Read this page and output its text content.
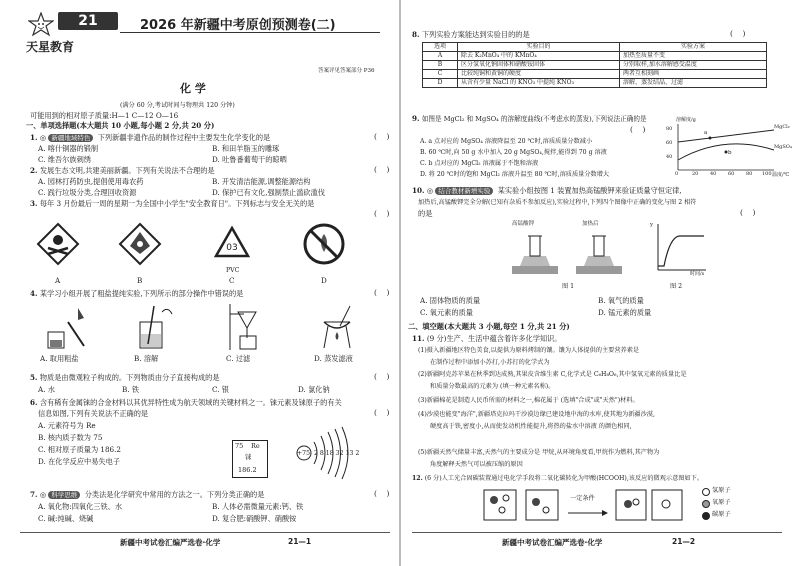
21
天星教育
2026 年新疆中考原创预测卷(二)
答案评见答案部分 P36
化 学
(满分 60 分,考试时间与物理共 120 分钟)
可能用到的相对原子质量:H—1 C—12 O—16
一、单项选择题(本大题共 10 小题,每小题 2 分,共 20 分)
1. ◎ 新疆地域特色 下列新疆非遗作品的制作过程中主要发生化学变化的是	(    )
A. 喀什铜器的锻制	B. 和田羊脂玉的雕琢
C. 维吾尔族刺绣	D. 吐鲁番葡萄干的晾晒
2. 发展生态文明,共建美丽新疆。下列有关说法不合理的是	(    )
A. 园林打药防虫,提倡使用毒农药	B. 开发清洁能源,调整能源结构
C. 践行垃圾分类,合理回收资源	D. 保护已有文化,强制禁止滥砍滥伐
3. 每年 3 月份最后一周的星期一为全国中小学生"安全教育日"。下列标志与安全无关的是
(    )
03
PVC
A	B	C	D
4. 某学习小组开展了粗盐提纯实验,下列所示的部分操作中错误的是	(    )
A. 取用粗盐	B. 溶解	C. 过滤	D. 蒸发滤液
5. 物质是由微观粒子构成的。下列物质由分子直接构成的是	(    )
A. 水	B. 铁	C. 银	D. 氯化钠
6. 含有稀有金属铼的合金材料以其优异特性成为航天领域的关键材料之一。铼元素及铼原子的有关
信息如图,下列有关说法不正确的是	(    )
A. 元素符号为 Re
B. 核内质子数为 75
C. 相对原子质量为 186.2
D. 在化学反应中易失电子
75 Re
铼
186.2
+75 2 8 18 32 13 2
7. ◎ 科学思维 分类法是化学研究中常用的方法之一。下列分类正确的是	(    )
A. 氧化物:四氧化三铁、水	B. 人体必需微量元素:钙、铁
C. 碱:纯碱、烧碱	D. 复合肥:硝酸钾、硝酸铵
新疆中考试卷汇编严选卷·化学	21—1
8. 下列实验方案能达到实验目的的是	(    )
选项	实验目的	实验方案
A	除去 K₂MnO₄ 中的 KMnO₄	加热至质量不变
B	区分氢氧化钠固体和硝酸铵固体	分别取样,加水溶解感受温度
C	比较纯铜和黄铜的硬度	两者互相刻画
D	从含有少量 NaCl 的 KNO₃ 中提纯 KNO₃	溶解、蒸发结晶、过滤
9. 如图是 MgCl₂ 和 MgSO₄ 的溶解度曲线(不考虑水的蒸发),下列说法正确的是
(    )
A. a 点对应的 MgSO₄ 溶液降温至 20 ℃时,溶质质量分数减小
B. 60 ℃时,向 50 g 水中加入 20 g MgSO₄,搅拌,能得到 70 g 溶液
C. b 点对应的 MgCl₂ 溶液属于不饱和溶液
D. 将 20 ℃时的饱和 MgCl₂ 溶液升温至 80 ℃时,溶质质量分数增大
溶解度/g
MgCl₂
MgSO₄
80
60
40
0	20 40 60 80 100 温度/℃
a
b
10. ◎ 结合教材新增实验 某实验小组按图 1 装置加热高锰酸钾来验证质量守恒定律,
加热后,高锰酸钾完全分解(已知有杂质不参加反应),实验过程中,下列四个图像中正确的变化与图 2 相符
的是	(    )
高锰酸钾	加热后
图 1
y
时间/s
图 2
A. 固体物质的质量	B. 氧气的质量
C. 氧元素的质量	D. 锰元素的质量
二、填空题(本大题共 3 小题,每空 1 分,共 21 分)
11. (9 分)生产、生活中蕴含着许多化学知识。
(1)摄入新疆地区特色美食,以提供为原料烤制的馕。馕为人体提供的主要营养素是
在制作过程中添加小苏打,小苏打的化学式为
(2)新疆阿克苏苹果在秋季到达成熟,其果皮含维生素 C,化学式是 C₆H₈O₆,其中氢氧元素的质量比是
和质量分数最高的元素为 (填一种元素名称)。
(3)新疆棉花是制造人民币所需的材料之一,棉花属于 (选填"合成"或"天然")材料。
(4)沙漠也能变"海洋",新疆塔克拉玛干沙漠边缘已建设地中海的水库,使其地为新疆沙漠,
硬度高于铁,密度小,从而使发动机性能提升,将热的盐水中溶液 的颜色相同,
(5)新疆天然气储量丰富,天然气的主要成分是 甲烷,从环境角度看,甲烷作为燃料,其产物为
角度解释天然气可以被压缩的原因
12. (6 分)人工光合固碳装置通过电化学手段将二氧化碳转化为甲酸(HCOOH),该反应的微观示意图如下。
一定条件
氢原子
氧原子
碳原子
新疆中考试卷汇编严选卷·化学	21—2
